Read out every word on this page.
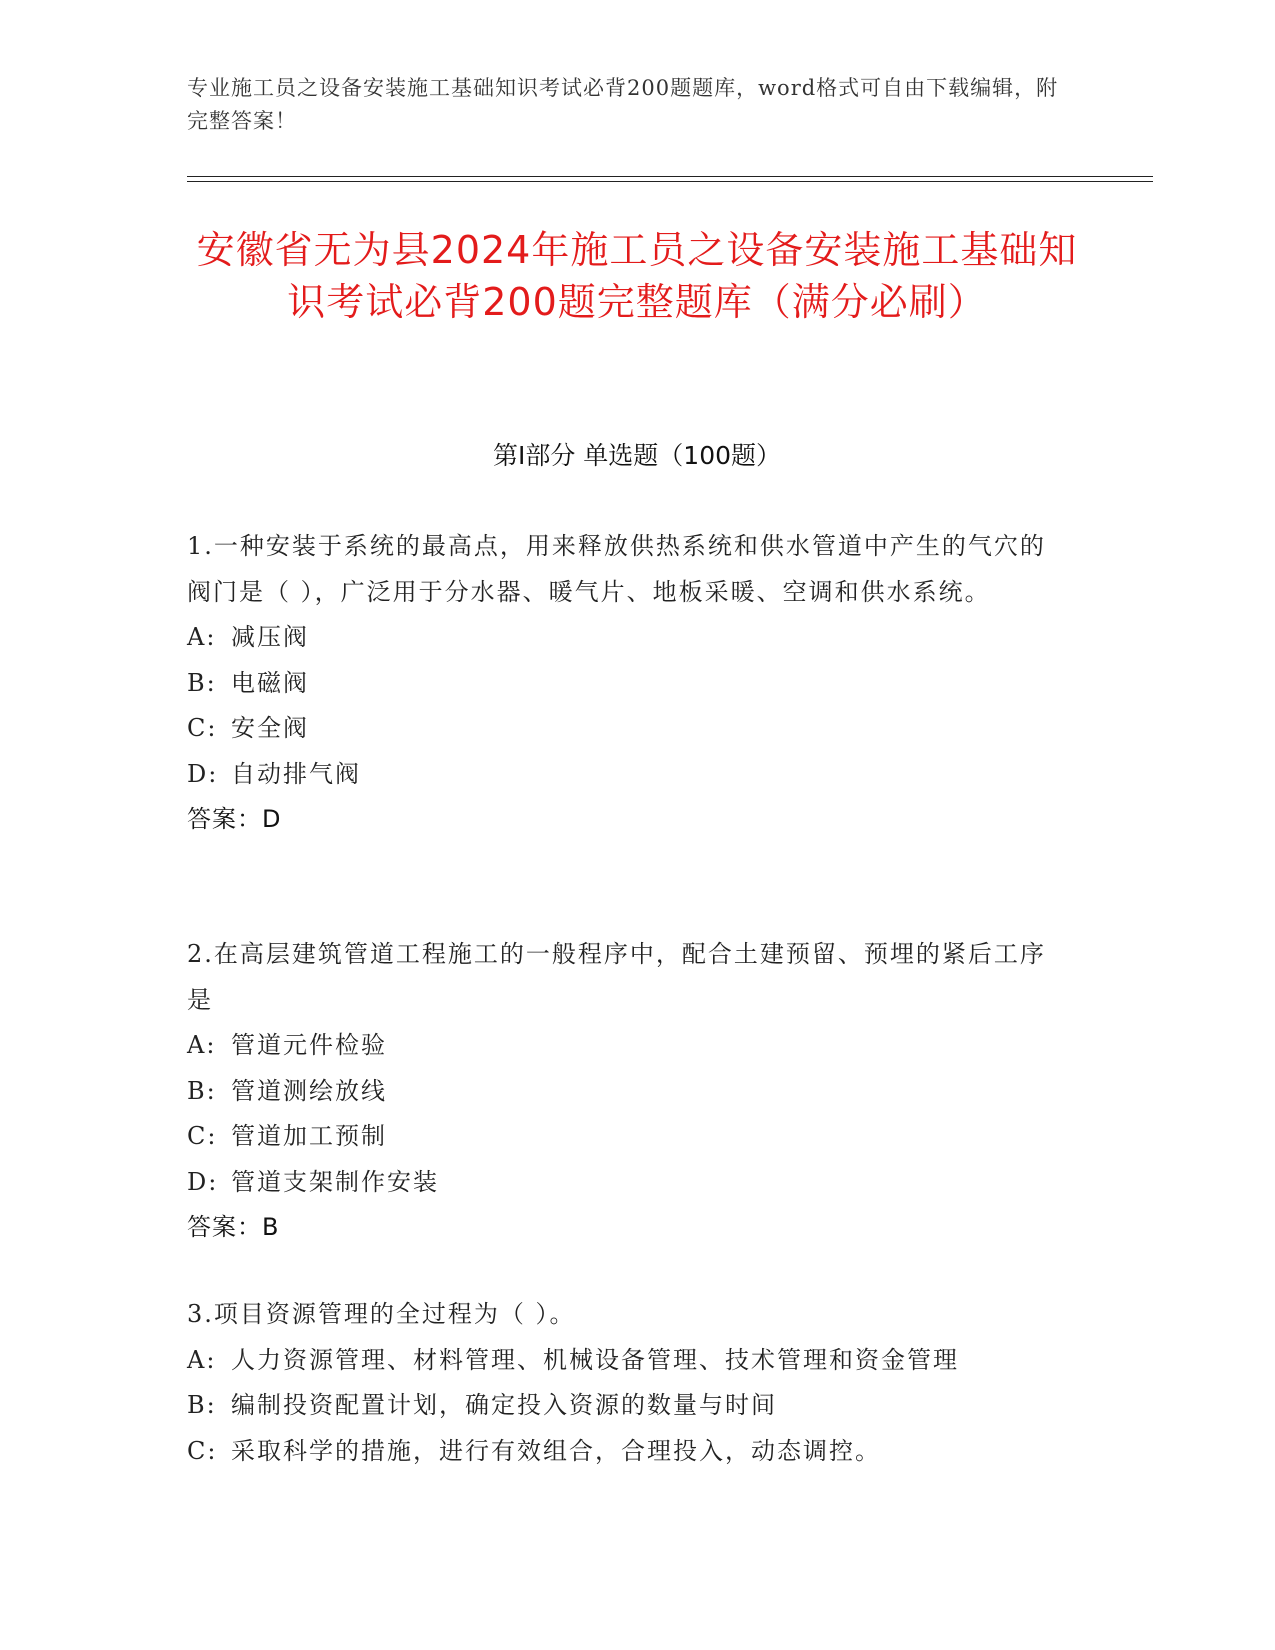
专业施工员之设备安装施工基础知识考试必背200题题库，word格式可自由下载编辑，附完整答案！
安徽省无为县2024年施工员之设备安装施工基础知识考试必背200题完整题库（满分必刷）
第I部分 单选题（100题）
1.一种安装于系统的最高点，用来释放供热系统和供水管道中产生的气穴的阀门是（ ），广泛用于分水器、暖气片、地板采暖、空调和供水系统。
A: 减压阀
B: 电磁阀
C: 安全阀
D: 自动排气阀
答案：D
2.在高层建筑管道工程施工的一般程序中，配合土建预留、预埋的紧后工序是
A: 管道元件检验
B: 管道测绘放线
C: 管道加工预制
D: 管道支架制作安装
答案：B
3.项目资源管理的全过程为（ ）。
A: 人力资源管理、材料管理、机械设备管理、技术管理和资金管理
B: 编制投资配置计划，确定投入资源的数量与时间
C: 采取科学的措施，进行有效组合，合理投入，动态调控。
